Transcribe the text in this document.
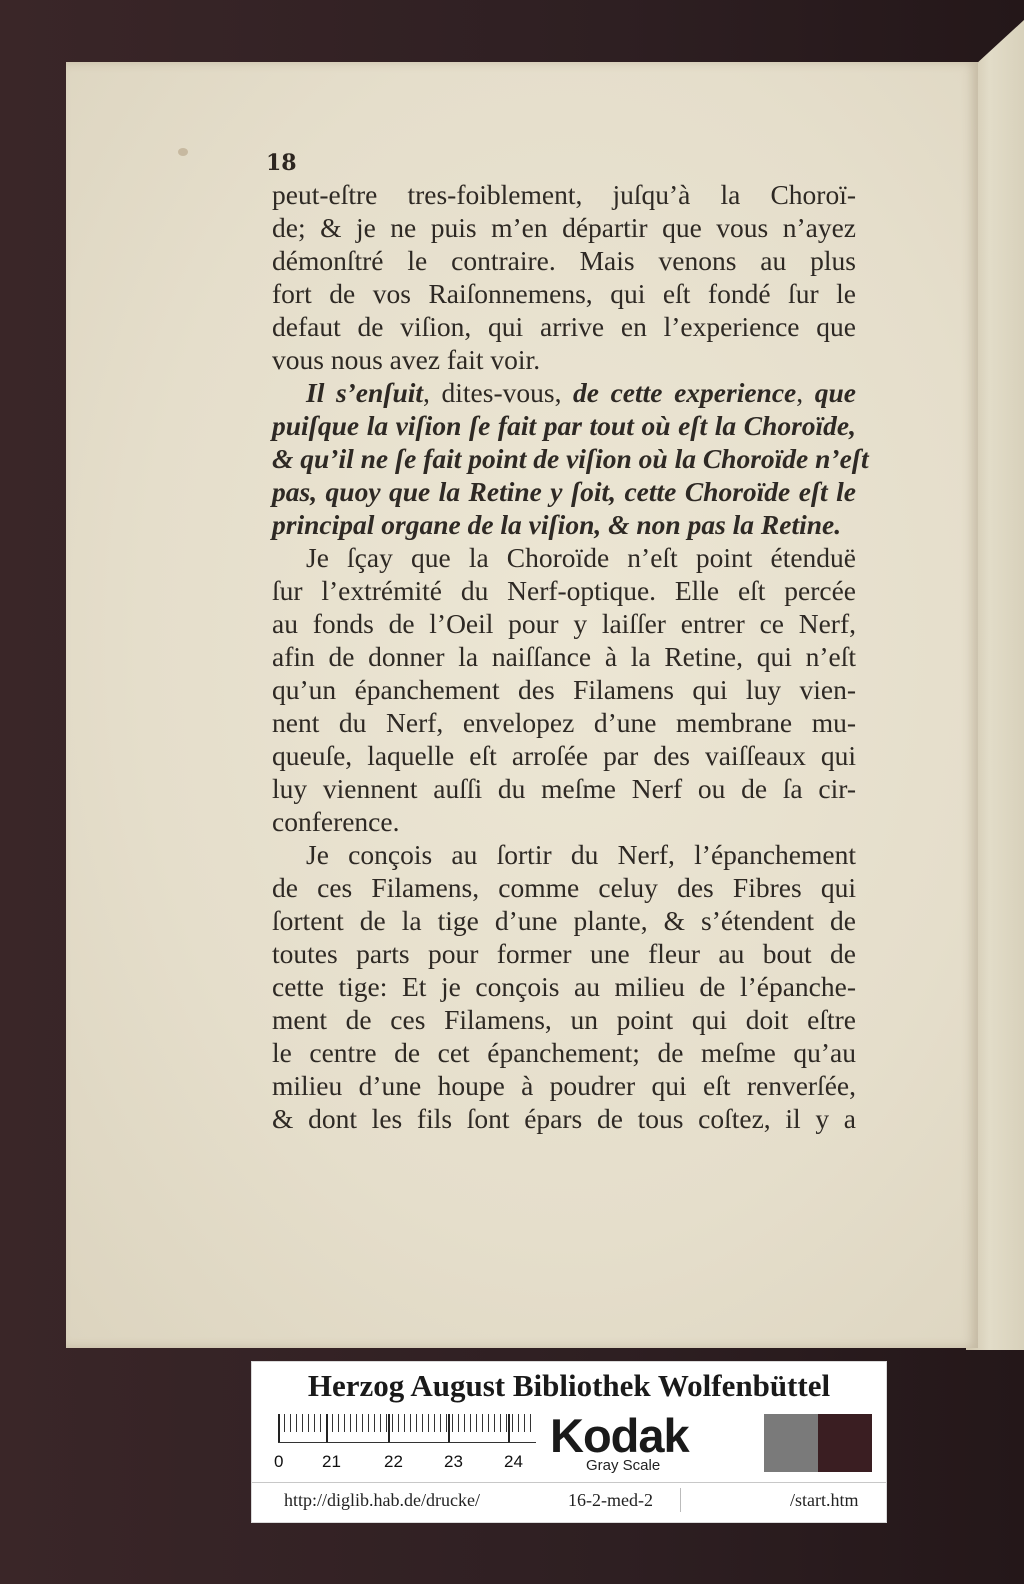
18
peut-eſtre tres-foiblement, juſqu’à la Choroï-
de; & je ne puis m’en départir que vous n’ayez
démonſtré le contraire. Mais venons au plus
fort de vos Raiſonnemens, qui eſt fondé ſur le
defaut de viſion, qui arrive en l’experience que
vous nous avez fait voir.
Il s’enſuit, dites-vous, de cette experience, que
puiſque la viſion ſe fait par tout où eſt la Choroïde,
& qu’il ne ſe fait point de viſion où la Choroïde n’eſt
pas, quoy que la Retine y ſoit, cette Choroïde eſt le
principal organe de la viſion, & non pas la Retine.
Je ſçay que la Choroïde n’eſt point étenduë
ſur l’extrémité du Nerf-optique. Elle eſt percée
au fonds de l’Oeil pour y laiſſer entrer ce Nerf,
afin de donner la naiſſance à la Retine, qui n’eſt
qu’un épanchement des Filamens qui luy vien-
nent du Nerf, envelopez d’une membrane mu-
queuſe, laquelle eſt arroſée par des vaiſſeaux qui
luy viennent auſſi du meſme Nerf ou de ſa cir-
conference.
Je conçois au ſortir du Nerf, l’épanchement
de ces Filamens, comme celuy des Fibres qui
ſortent de la tige d’une plante, & s’étendent de
toutes parts pour former une fleur au bout de
cette tige: Et je conçois au milieu de l’épanche-
ment de ces Filamens, un point qui doit eſtre
le centre de cet épanchement; de meſme qu’au
milieu d’une houpe à poudrer qui eſt renverſée,
& dont les fils ſont épars de tous coſtez, il y a
Herzog August Bibliothek Wolfenbüttel
0 21	22 23 24 Kodak
Gray Scale
http://diglib.hab.de/drucke/	16-2-med-2	/start.htm
